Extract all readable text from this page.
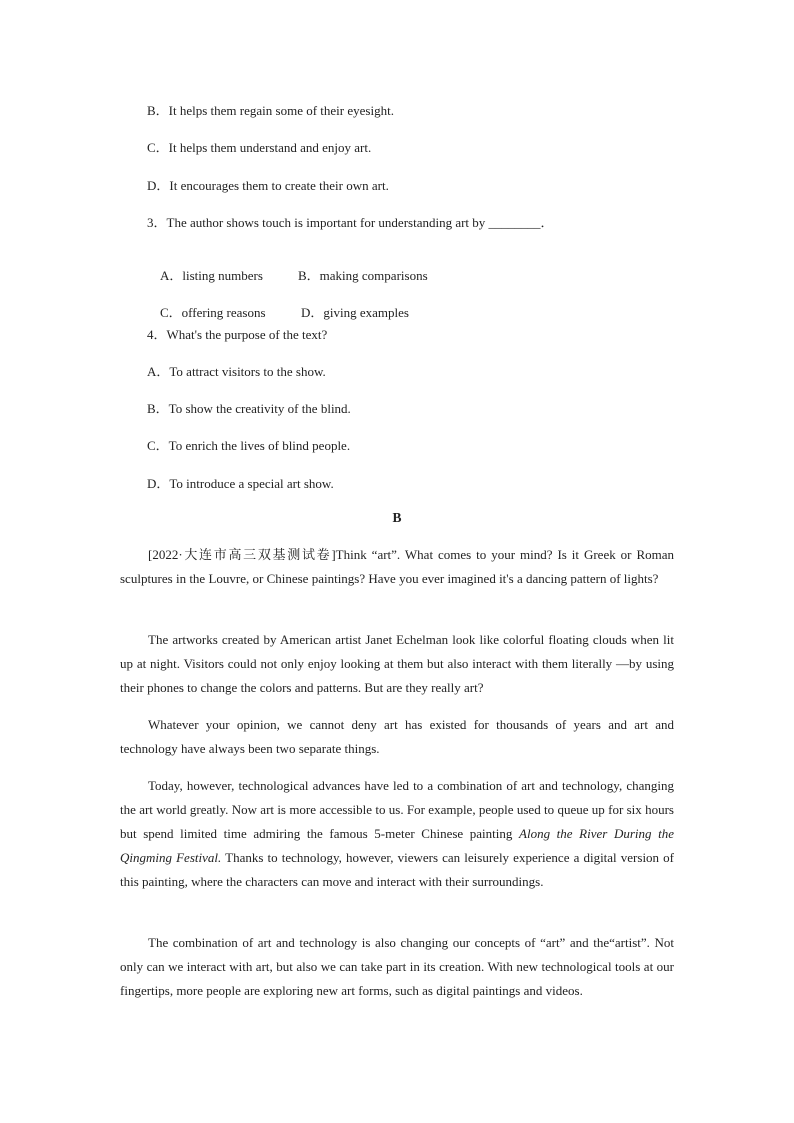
B．It helps them regain some of their eyesight.
C．It helps them understand and enjoy art.
D．It encourages them to create their own art.
3．The author shows touch is important for understanding art by ________．

A．listing numbers	B．making comparisons

C．offering reasons	D．giving examples

4．What's the purpose of the text?
A．To attract visitors to the show.
B．To show the creativity of the blind.
C．To enrich the lives of blind people.
D．To introduce a special art show.
B

[2022·大连市高三双基测试卷]Think “art”. What comes to your mind? Is it Greek or Roman sculptures in the Louvre, or Chinese paintings? Have you ever imagined it's a dancing pattern of lights?

The artworks created by American artist Janet Echelman look like colorful floating clouds when lit up at night. Visitors could not only enjoy looking at them but also interact with them literally —by using their phones to change the colors and patterns. But are they really art?

Whatever your opinion, we cannot deny art has existed for thousands of years and art and technology have always been two separate things.

Today, however, technological advances have led to a combination of art and technology, changing the art world greatly. Now art is more accessible to us. For example, people used to queue up for six hours but spend limited time admiring the famous 5-meter Chinese painting Along the River During the Qingming Festival. Thanks to technology, however, viewers can leisurely experience a digital version of this painting, where the characters can move and interact with their surroundings.

The combination of art and technology is also changing our concepts of “art” and the“artist”. Not only can we interact with art, but also we can take part in its creation. With new technological tools at our fingertips, more people are exploring new art forms, such as digital paintings and videos.
